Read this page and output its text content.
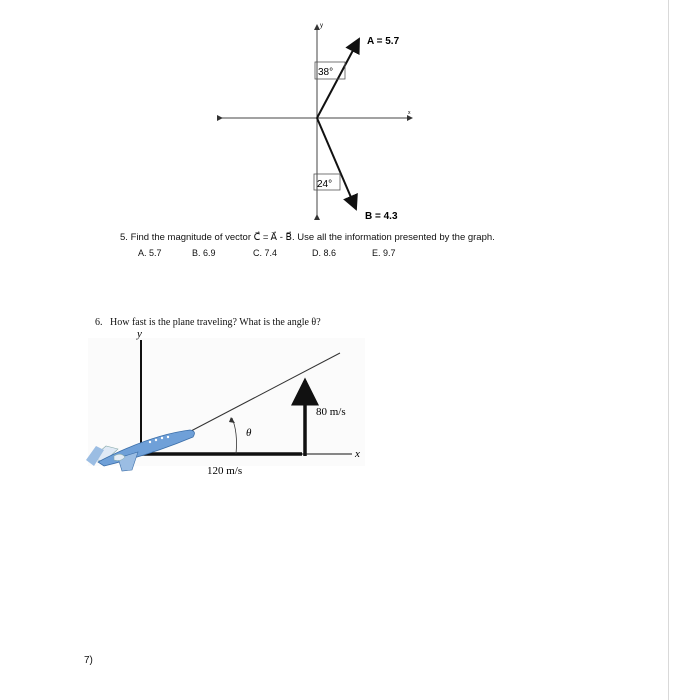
y
x
38°
24°
A = 5.7
B = 4.3
5. Find the magnitude of vector C⃗ = A⃗ - B⃗. Use all the information presented by the graph.
A. 5.7	B. 6.9	C. 7.4	D. 8.6	E. 9.7
6. How fast is the plane traveling? What is the angle θ?
y
x
θ
80 m/s
120 m/s
7)
